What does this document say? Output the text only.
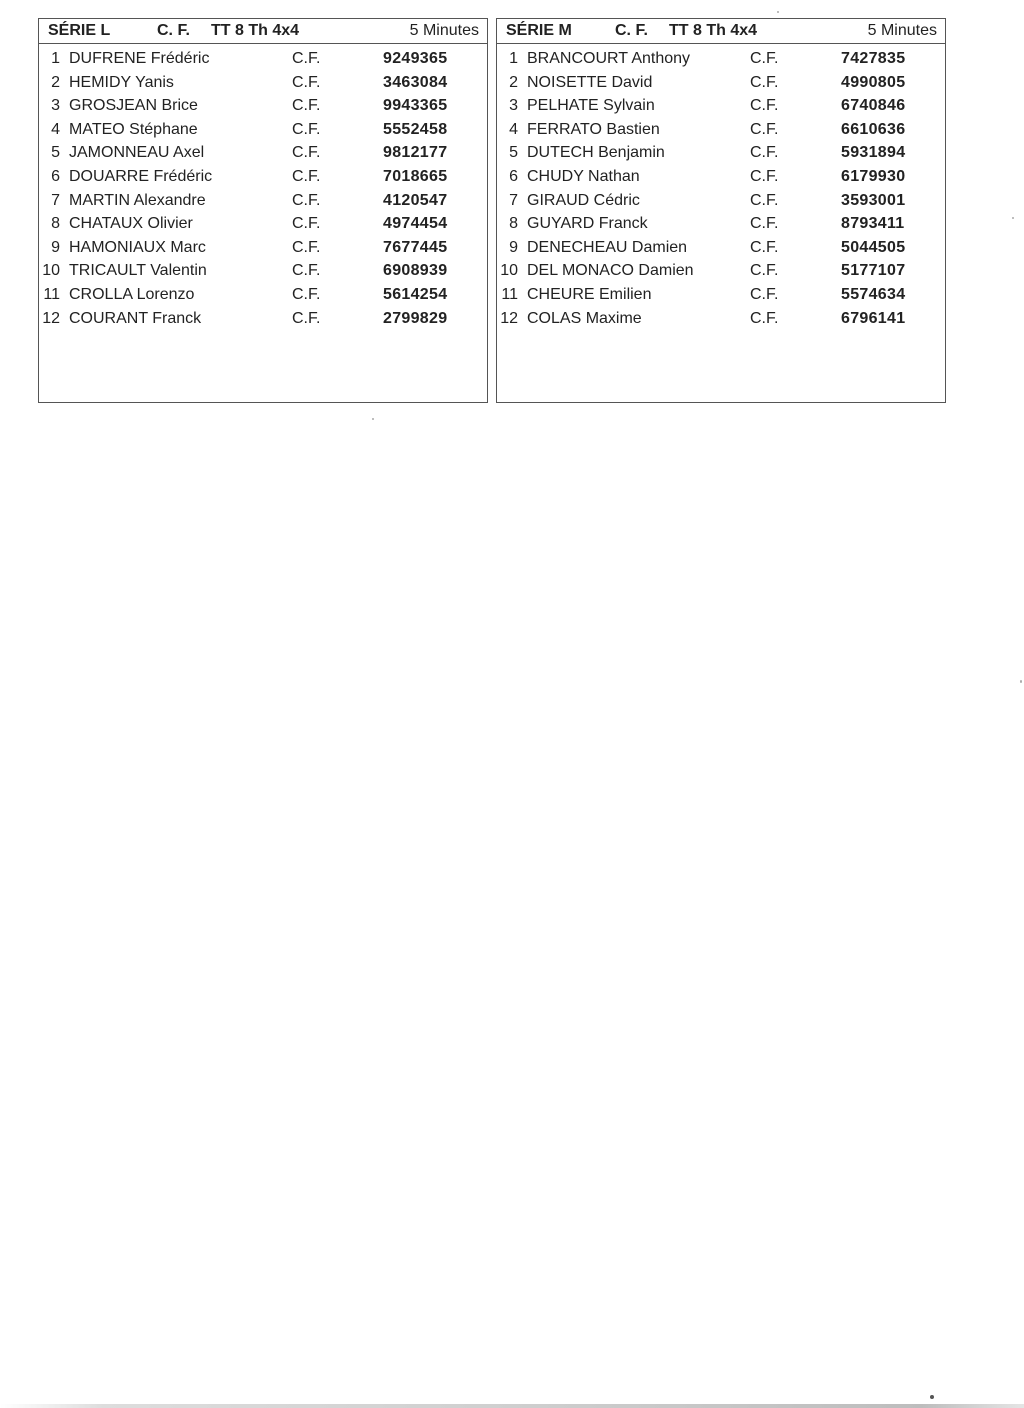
SÉRIE L	C. F. TT 8 Th 4x4	5 Minutes
1 DUFRENE Frédéric	C.F.	9249365
2 HEMIDY Yanis	C.F.	3463084
3 GROSJEAN Brice	C.F.	9943365
4 MATEO Stéphane	C.F.	5552458
5 JAMONNEAU Axel	C.F.	9812177
6 DOUARRE Frédéric	C.F.	7018665
7 MARTIN Alexandre	C.F.	4120547
8 CHATAUX Olivier	C.F.	4974454
9 HAMONIAUX Marc	C.F.	7677445
10 TRICAULT Valentin	C.F.	6908939
11 CROLLA Lorenzo	C.F.	5614254
12 COURANT Franck	C.F.	2799829
SÉRIE M	C. F. TT 8 Th 4x4	5 Minutes
1 BRANCOURT Anthony	C.F.	7427835
2 NOISETTE David	C.F.	4990805
3 PELHATE Sylvain	C.F.	6740846
4 FERRATO Bastien	C.F.	6610636
5 DUTECH Benjamin	C.F.	5931894
6 CHUDY Nathan	C.F.	6179930
7 GIRAUD Cédric	C.F.	3593001
8 GUYARD Franck	C.F.	8793411
9 DENECHEAU Damien	C.F.	5044505
10 DEL MONACO Damien	C.F.	5177107
11 CHEURE Emilien	C.F.	5574634
12 COLAS Maxime	C.F.	6796141
